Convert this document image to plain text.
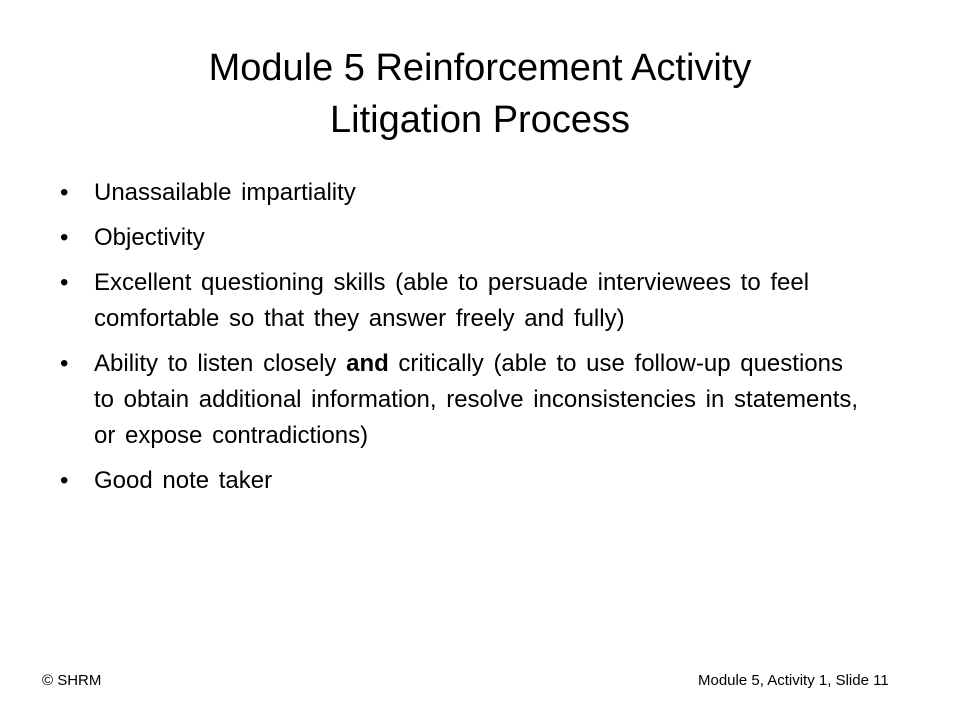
Module 5 Reinforcement Activity
Litigation Process
•	Unassailable impartiality
•	Objectivity
•	Excellent questioning skills (able to persuade interviewees to feel comfortable so that they answer freely and fully)
•	Ability to listen closely and critically (able to use follow-up questions to obtain additional information, resolve inconsistencies in statements, or expose contradictions)
•	Good note taker
© SHRM	Module 5, Activity 1, Slide 11
